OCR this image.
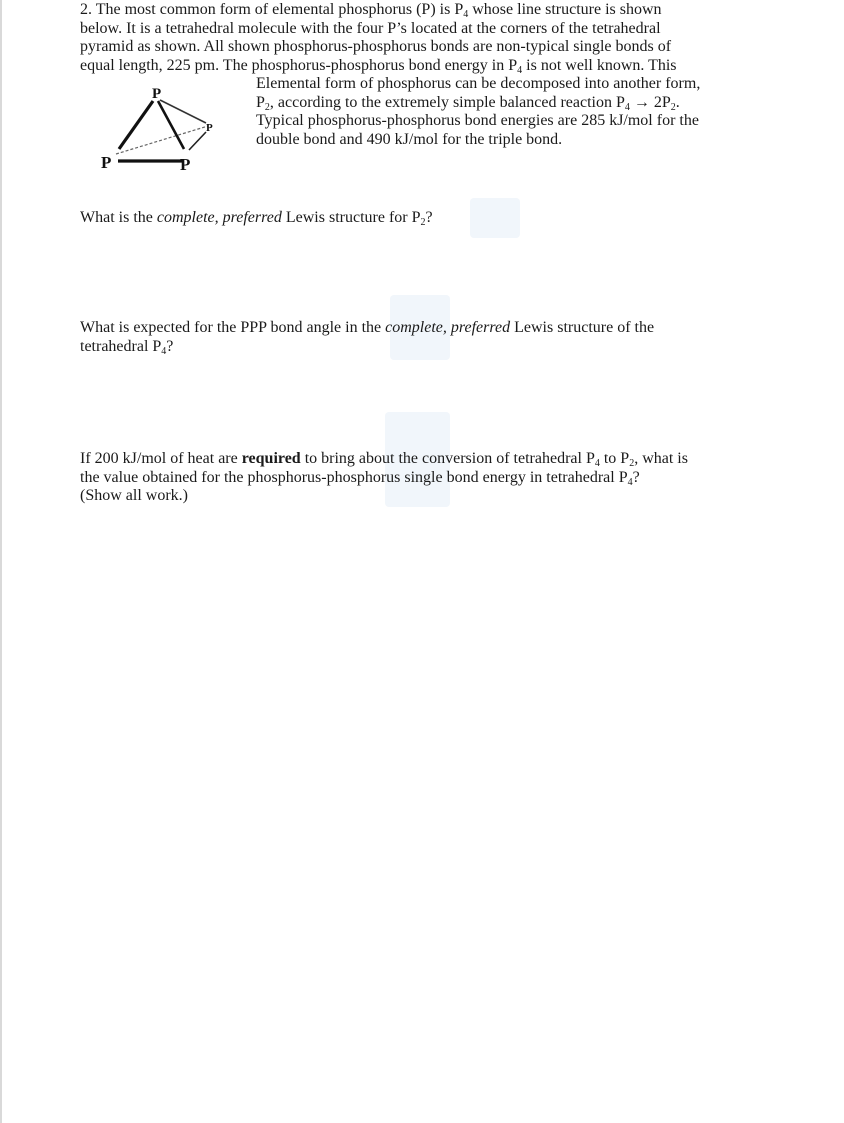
2. The most common form of elemental phosphorus (P) is $P_4$ whose line structure is shown
below. It is a tetrahedral molecule with the four P’s located at the corners of the tetrahedral
pyramid as shown. All shown phosphorus-phosphorus bonds are non-typical single bonds of
equal length, 225 pm. The phosphorus-phosphorus bond energy in $P_4$ is not well known. This
Elemental form of phosphorus can be decomposed into another form,
$P_2$, according to the extremely simple balanced reaction $P_4 \to 2P_2$.
Typical phosphorus-phosphorus bond energies are 285 kJ/mol for the
double bond and 490 kJ/mol for the triple bond.
P
P
P	P
What is the complete, preferred Lewis structure for $P_2$?
What is expected for the PPP bond angle in the complete, preferred Lewis structure of the
tetrahedral $P_4$?
If 200 kJ/mol of heat are required to bring about the conversion of tetrahedral $P_4$ to $P_2$, what is
the value obtained for the phosphorus-phosphorus single bond energy in tetrahedral $P_4$?
(Show all work.)
